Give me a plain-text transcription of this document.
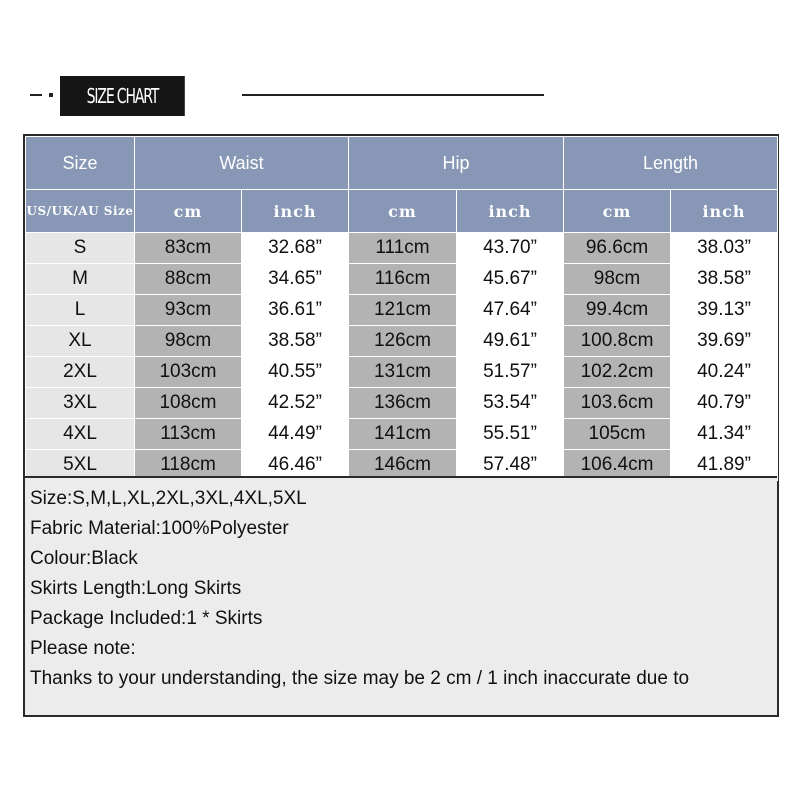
SIZE CHART
Size	Waist		Hip		Length	
US/UK/AU Size	cm	inch	cm	inch	cm	inch
S	83cm	32.68”	111cm	43.70”	96.6cm	38.03”
M	88cm	34.65”	116cm	45.67”	98cm	38.58”
L	93cm	36.61”	121cm	47.64”	99.4cm	39.13”
XL	98cm	38.58”	126cm	49.61”	100.8cm	39.69”
2XL	103cm	40.55”	131cm	51.57”	102.2cm	40.24”
3XL	108cm	42.52”	136cm	53.54”	103.6cm	40.79”
4XL	113cm	44.49”	141cm	55.51”	105cm	41.34”
5XL	118cm	46.46”	146cm	57.48”	106.4cm	41.89”
Size:S,M,L,XL,2XL,3XL,4XL,5XL
Fabric Material:100%Polyester
Colour:Black
Skirts Length:Long Skirts
Package Included:1 * Skirts
Please note:
Thanks to your understanding, the size may be 2 cm / 1 inch inaccurate due to
